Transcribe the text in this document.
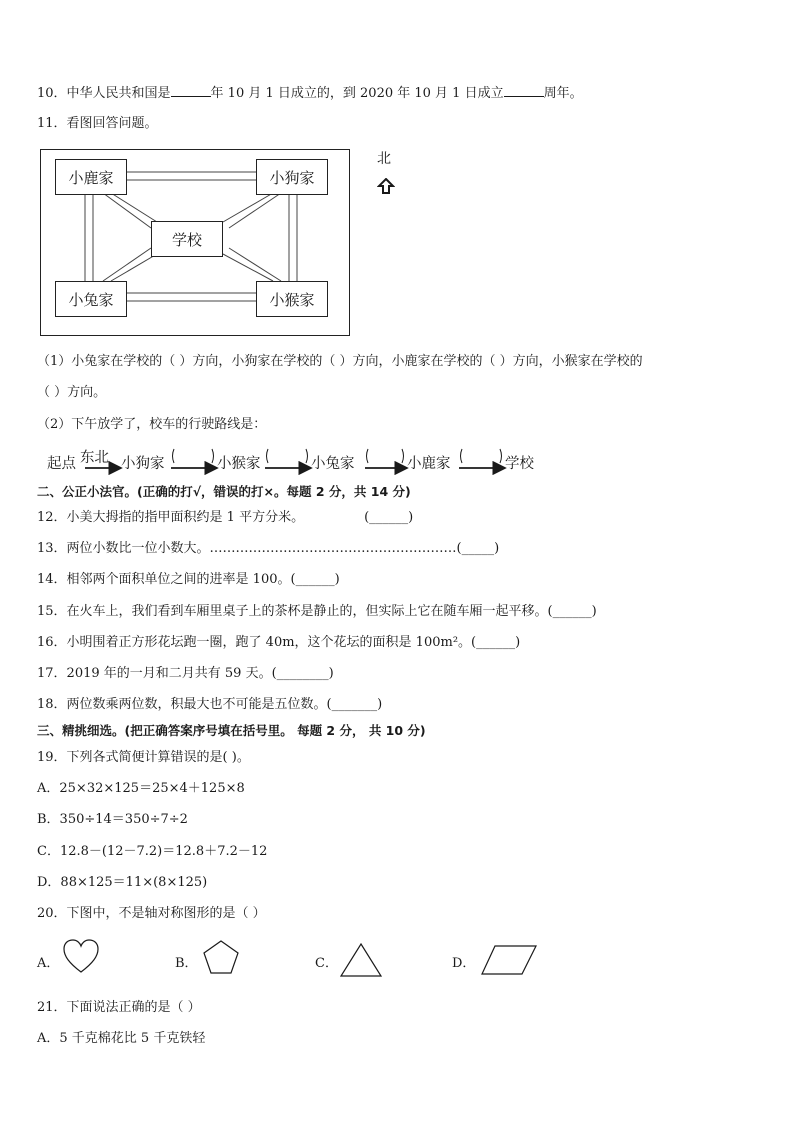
10．中华人民共和国是	年 10 月 1 日成立的，到 2020 年 10 月 1 日成立	周年。
11．看图回答问题。
小鹿家	小狗家
学校
小兔家	小猴家
北
（1）小兔家在学校的（ ）方向，小狗家在学校的（ ）方向，小鹿家在学校的（ ）方向，小猴家在学校的
（ ）方向。
（2）下午放学了，校车的行驶路线是：
起点 东北 小狗家	小猴家	小兔家	小鹿家	学校
二、公正小法官。(正确的打√，错误的打×。每题 2 分，共 14 分)
12．小美大拇指的指甲面积约是 1 平方分米。	(______)
13．两位小数比一位小数大。…………………………………………………(_____)
14．相邻两个面积单位之间的进率是 100。(______)
15．在火车上，我们看到车厢里桌子上的茶杯是静止的，但实际上它在随车厢一起平移。(______)
16．小明围着正方形花坛跑一圈，跑了 40m，这个花坛的面积是 100m²。(______)
17．2019 年的一月和二月共有 59 天。(________)
18．两位数乘两位数，积最大也不可能是五位数。(_______)
三、精挑细选。(把正确答案序号填在括号里。 每题 2 分， 共 10 分)
19．下列各式简便计算错误的是( )。
A．25×32×125＝25×4＋125×8
B．350÷14＝350÷7÷2
C．12.8－(12－7.2)＝12.8＋7.2－12
D．88×125＝11×(8×125)
20．下图中，不是轴对称图形的是（ ）
A．	B．	C．	D．
21．下面说法正确的是（ ）
A．5 千克棉花比 5 千克铁轻
